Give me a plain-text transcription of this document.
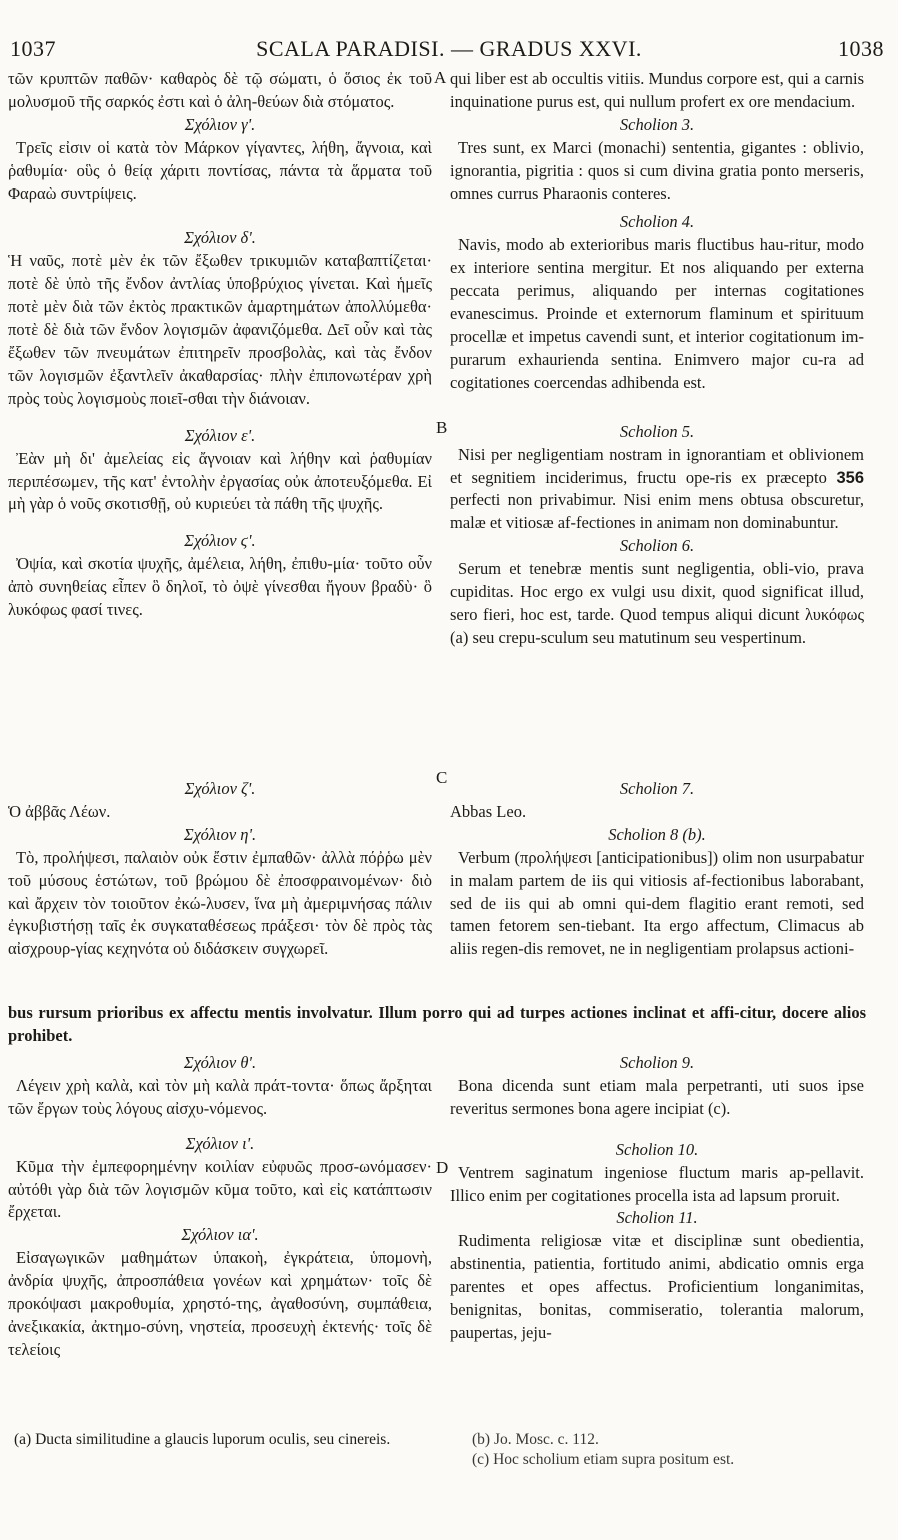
1037	SCALA PARADISI. — GRADUS XXVI.	1038
A
B
C
D

τῶν κρυπτῶν παθῶν· καθαρὸς δὲ τῷ σώματι, ὁ ὅσιος ἐκ τοῦ μολυσμοῦ τῆς σαρκός ἐστι καὶ ὁ ἀλη-θεύων διὰ στόματος.

Σχόλιον γ'.

Τρεῖς εἰσιν οἱ κατὰ τὸν Μάρκον γίγαντες, λήθη, ἄγνοια, καὶ ῥαθυμία· οὓς ὁ θείᾳ χάριτι ποντίσας, πάντα τὰ ἅρματα τοῦ Φαραὼ συντρίψεις.

Σχόλιον δ'.

Ἡ ναῦς, ποτὲ μὲν ἐκ τῶν ἔξωθεν τρικυμιῶν καταβαπτίζεται· ποτὲ δὲ ὑπὸ τῆς ἔνδον ἀντλίας ὑποβρύχιος γίνεται. Καὶ ἡμεῖς ποτὲ μὲν διὰ τῶν ἐκτὸς πρακτικῶν ἁμαρτημάτων ἀπολλύμεθα· ποτὲ δὲ διὰ τῶν ἔνδον λογισμῶν ἀφανιζόμεθα. Δεῖ οὖν καὶ τὰς ἔξωθεν τῶν πνευμάτων ἐπιτηρεῖν προσβολὰς, καὶ τὰς ἔνδον τῶν λογισμῶν ἐξαντλεῖν ἀκαθαρσίας· πλὴν ἐπιπονωτέραν χρὴ πρὸς τοὺς λογισμοὺς ποιεῖ-σθαι τὴν διάνοιαν.

Σχόλιον ε'.

Ἐὰν μὴ δι' ἀμελείας εἰς ἄγνοιαν καὶ λήθην καὶ ῥαθυμίαν περιπέσωμεν, τῆς κατ' ἐντολὴν ἐργασίας οὐκ ἀποτευξόμεθα. Εἰ μὴ γὰρ ὁ νοῦς σκοτισθῇ, οὐ κυριεύει τὰ πάθη τῆς ψυχῆς.

Σχόλιον ϛ'.

Ὀψία, καὶ σκοτία ψυχῆς, ἀμέλεια, λήθη, ἐπιθυ-μία· τοῦτο οὖν ἀπὸ συνηθείας εἶπεν ὃ δηλοῖ, τὸ ὀψὲ γίνεσθαι ἤγουν βραδὺ· ὃ λυκόφως φασί τινες.

qui liber est ab occultis vitiis. Mundus corpore est, qui a carnis inquinatione purus est, qui nullum profert ex ore mendacium.

Scholion 3.

Tres sunt, ex Marci (monachi) sententia, gigantes : oblivio, ignorantia, pigritia : quos si cum divina gratia ponto merseris, omnes currus Pharaonis conteres.

Scholion 4.

Navis, modo ab exterioribus maris fluctibus hau-ritur, modo ex interiore sentina mergitur. Et nos aliquando per externa peccata perimus, aliquando per internas cogitationes evanescimus. Proinde et externorum flaminum et spirituum procellæ et impetus cavendi sunt, et interior cogitationum im-purarum exhaurienda sentina. Enimvero major cu-ra ad cogitationes coercendas adhibenda est.

Scholion 5.

Nisi per negligentiam nostram in ignorantiam et oblivionem et segnitiem inciderimus, fructu ope-ris ex præcepto 356 perfecti non privabimur. Nisi enim mens obtusa obscuretur, malæ et vitiosæ af-fectiones in animam non dominabuntur.

Scholion 6.

Serum et tenebræ mentis sunt negligentia, obli-vio, prava cupiditas. Hoc ergo ex vulgi usu dixit, quod significat illud, sero fieri, hoc est, tarde. Quod tempus aliqui dicunt λυκόφως (a) seu crepu-sculum seu matutinum seu vespertinum.

Σχόλιον ζ'.

Ὁ ἀββᾶς Λέων.

Σχόλιον η'.

Τὸ, προλήψεσι, παλαιὸν οὐκ ἔστιν ἐμπαθῶν· ἀλλὰ πόῤῥω μὲν τοῦ μύσους ἑστώτων, τοῦ βρώμου δὲ ἐποσφραινομένων· διὸ καὶ ἄρχειν τὸν τοιοῦτον ἐκώ-λυσεν, ἵνα μὴ ἀμεριμνήσας πάλιν ἐγκυβιστήσῃ ταῖς ἐκ συγκαταθέσεως πράξεσι· τὸν δὲ πρὸς τὰς αἰσχρουρ-γίας κεχηνότα οὐ διδάσκειν συγχωρεῖ.

Scholion 7.

Abbas Leo.

Scholion 8 (b).

Verbum (προλήψεσι [anticipationibus]) olim non usurpabatur in malam partem de iis qui vitiosis af-fectionibus laborabant, sed de iis qui ab omni qui-dem flagitio erant remoti, sed tamen fetorem sen-tiebant. Ita ergo affectum, Climacus ab aliis regen-dis removet, ne in negligentiam prolapsus actioni-

bus rursum prioribus ex affectu mentis involvatur. Illum porro qui ad turpes actiones inclinat et affi-citur, docere alios prohibet.

Σχόλιον θ'.

Λέγειν χρὴ καλὰ, καὶ τὸν μὴ καλὰ πράτ-τοντα· ὅπως ἄρξηται τῶν ἔργων τοὺς λόγους αἰσχυ-νόμενος.

Σχόλιον ι'.

Κῦμα τὴν ἐμπεφορημένην κοιλίαν εὐφυῶς προσ-ωνόμασεν· αὐτόθι γὰρ διὰ τῶν λογισμῶν κῦμα τοῦτο, καὶ εἰς κατάπτωσιν ἔρχεται.

Σχόλιον ια'.

Εἰσαγωγικῶν μαθημάτων ὑπακοὴ, ἐγκράτεια, ὑπομονὴ, ἀνδρία ψυχῆς, ἀπροσπάθεια γονέων καὶ χρημάτων· τοῖς δὲ προκόψασι μακροθυμία, χρηστό-της, ἀγαθοσύνη, συμπάθεια, ἀνεξικακία, ἀκτημο-σύνη, νηστεία, προσευχὴ ἐκτενής· τοῖς δὲ τελείοις

Scholion 9.

Bona dicenda sunt etiam mala perpetranti, uti suos ipse reveritus sermones bona agere incipiat (c).

Scholion 10.

Ventrem saginatum ingeniose fluctum maris ap-pellavit. Illico enim per cogitationes procella ista ad lapsum proruit.

Scholion 11.

Rudimenta religiosæ vitæ et disciplinæ sunt obedientia, abstinentia, patientia, fortitudo animi, abdicatio omnis erga parentes et opes affectus. Proficientium longanimitas, benignitas, bonitas, commiseratio, tolerantia malorum, paupertas, jeju-

(a) Ducta similitudine a glaucis luporum oculis, seu cinereis.	(b) Jo. Mosc. c. 112.
(c) Hoc scholium etiam supra positum est.
